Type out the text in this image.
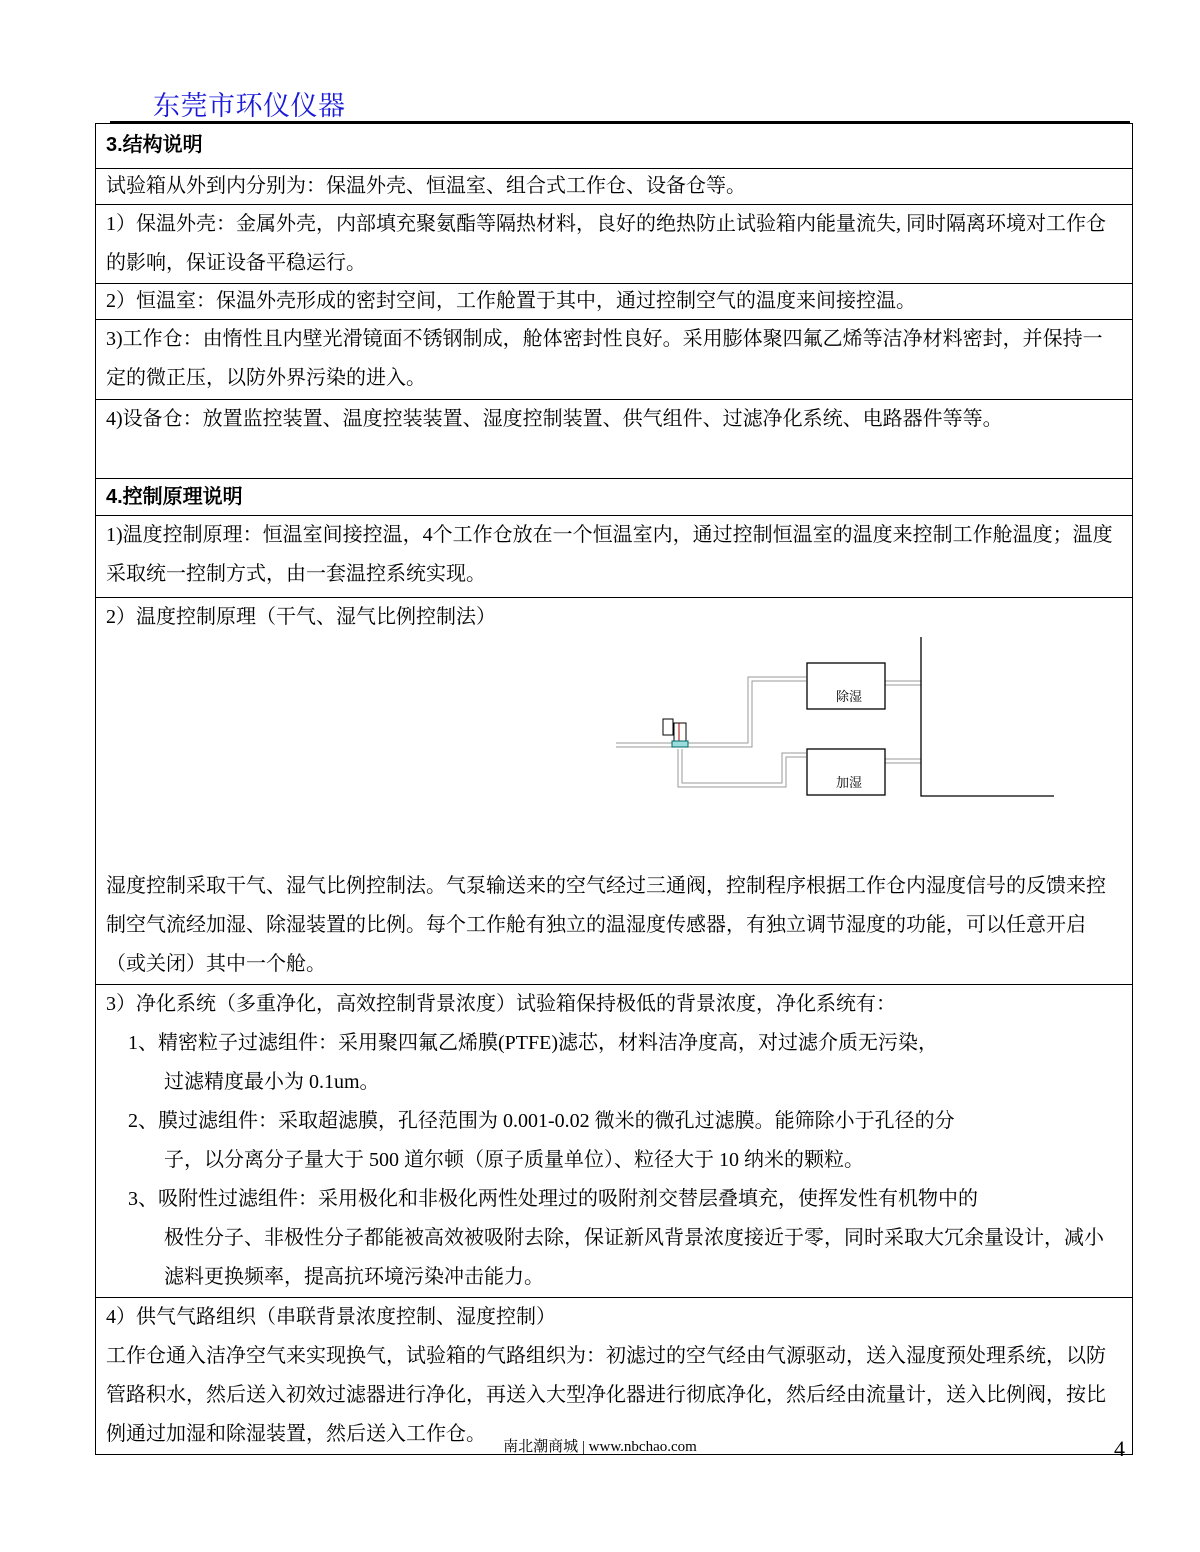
东莞市环仪仪器
3.结构说明
试验箱从外到内分别为：保温外壳、恒温室、组合式工作仓、设备仓等。
1）保温外壳：金属外壳，内部填充聚氨酯等隔热材料，良好的绝热防止试验箱内能量流失, 同时隔离环境对工作仓的影响，保证设备平稳运行。
2）恒温室：保温外壳形成的密封空间，工作舱置于其中，通过控制空气的温度来间接控温。
3)工作仓：由惰性且内壁光滑镜面不锈钢制成，舱体密封性良好。采用膨体聚四氟乙烯等洁净材料密封，并保持一定的微正压，以防外界污染的进入。
4)设备仓：放置监控装置、温度控装装置、湿度控制装置、供气组件、过滤净化系统、电路器件等等。
4.控制原理说明
1)温度控制原理：恒温室间接控温，4个工作仓放在一个恒温室内，通过控制恒温室的温度来控制工作舱温度；温度采取统一控制方式，由一套温控系统实现。

2）温度控制原理（干气、湿气比例控制法）
除湿
加湿
湿度控制采取干气、湿气比例控制法。气泵输送来的空气经过三通阀，控制程序根据工作仓内湿度信号的反馈来控制空气流经加湿、除湿装置的比例。每个工作舱有独立的温湿度传感器，有独立调节湿度的功能，可以任意开启（或关闭）其中一个舱。

3）净化系统（多重净化，高效控制背景浓度）试验箱保持极低的背景浓度，净化系统有：
1、精密粒子过滤组件：采用聚四氟乙烯膜(PTFE)滤芯，材料洁净度高，对过滤介质无污染，
过滤精度最小为 0.1um。
2、膜过滤组件：采取超滤膜，孔径范围为 0.001-0.02 微米的微孔过滤膜。能筛除小于孔径的分
子，以分离分子量大于 500 道尔顿（原子质量单位）、粒径大于 10 纳米的颗粒。
3、吸附性过滤组件：采用极化和非极化两性处理过的吸附剂交替层叠填充，使挥发性有机物中的
极性分子、非极性分子都能被高效被吸附去除，保证新风背景浓度接近于零，同时采取大冗余量设计，减小滤料更换频率，提高抗环境污染冲击能力。

4）供气气路组织（串联背景浓度控制、湿度控制）
工作仓通入洁净空气来实现换气，试验箱的气路组织为：初滤过的空气经由气源驱动，送入湿度预处理系统，以防管路积水，然后送入初效过滤器进行净化，再送入大型净化器进行彻底净化，然后经由流量计，送入比例阀，按比例通过加湿和除湿装置，然后送入工作仓。
南北潮商城 | www.nbchao.com	4
